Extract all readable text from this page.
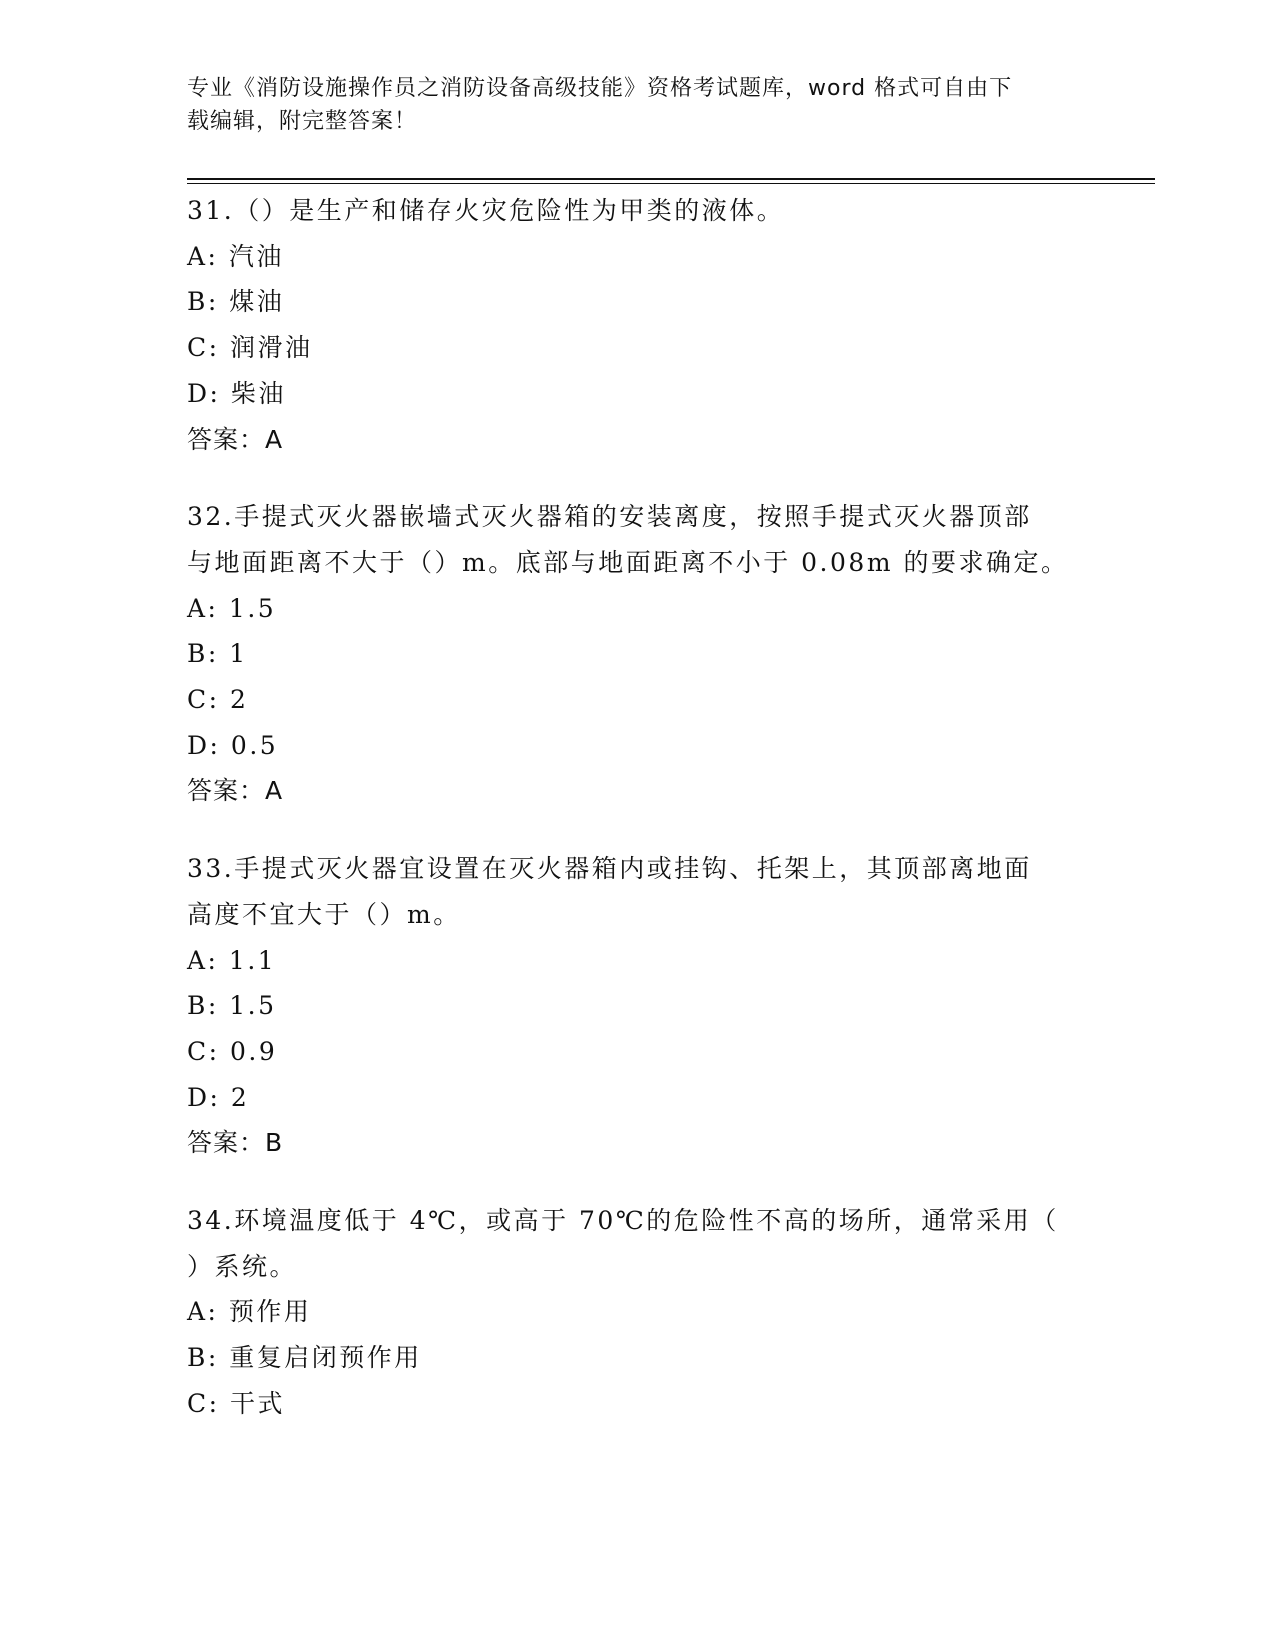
专业《消防设施操作员之消防设备高级技能》资格考试题库，word 格式可自由下
载编辑，附完整答案！
31.（）是生产和储存火灾危险性为甲类的液体。
A: 汽油
B: 煤油
C: 润滑油
D: 柴油
答案：A
32.手提式灭火器嵌墙式灭火器箱的安装离度，按照手提式灭火器顶部
与地面距离不大于（）m。底部与地面距离不小于 0.08m 的要求确定。
A: 1.5
B: 1
C: 2
D: 0.5
答案：A
33.手提式灭火器宜设置在灭火器箱内或挂钩、托架上，其顶部离地面
高度不宜大于（）m。
A: 1.1
B: 1.5
C: 0.9
D: 2
答案：B
34.环境温度低于 4℃，或高于 70℃的危险性不高的场所，通常采用（
）系统。
A: 预作用
B: 重复启闭预作用
C: 干式
